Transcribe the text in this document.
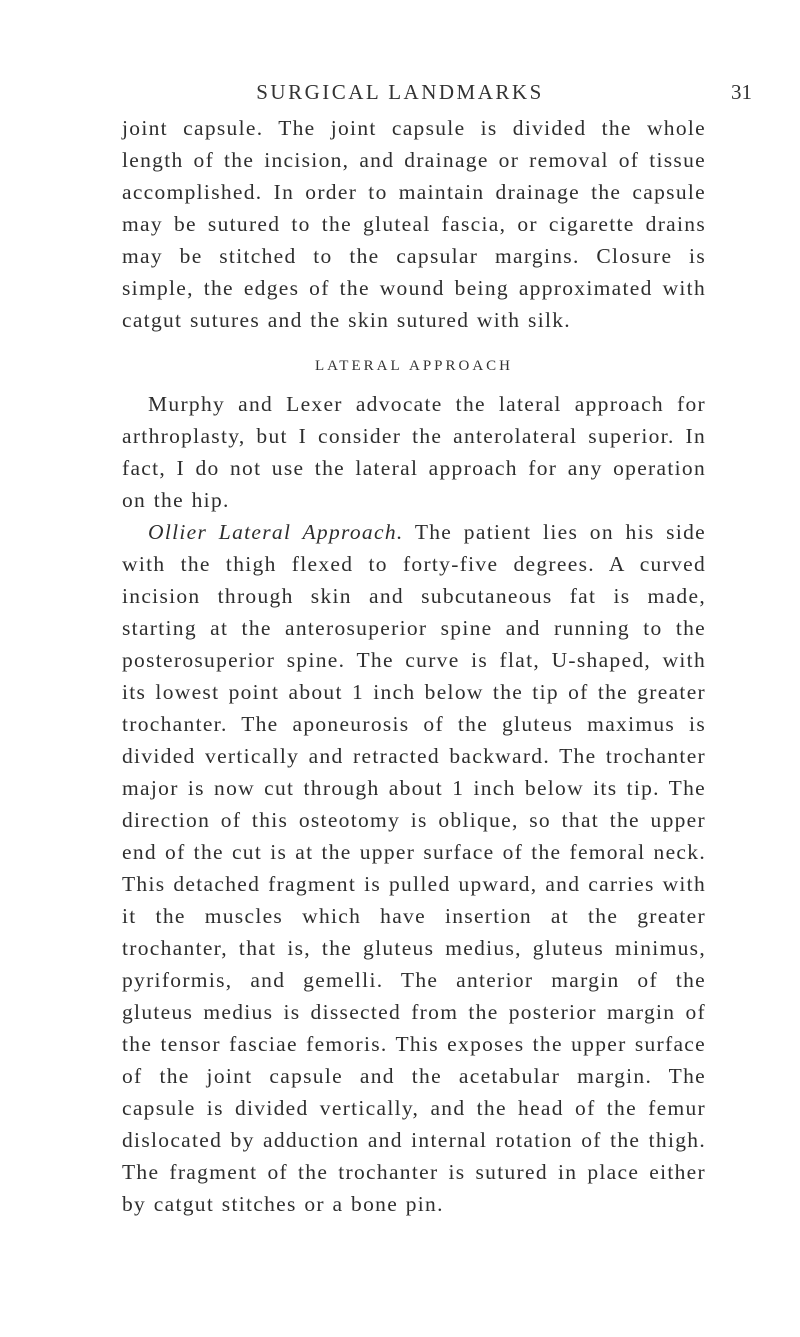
SURGICAL LANDMARKS	31

joint capsule. The joint capsule is divided the whole length of the incision, and drainage or removal of tissue accomplished. In order to maintain drainage the capsule may be sutured to the gluteal fascia, or cigarette drains may be stitched to the capsular margins. Closure is simple, the edges of the wound being approximated with catgut sutures and the skin sutured with silk.

LATERAL APPROACH

Murphy and Lexer advocate the lateral approach for arthroplasty, but I consider the anterolateral superior. In fact, I do not use the lateral approach for any operation on the hip.

Ollier Lateral Approach. The patient lies on his side with the thigh flexed to forty-five degrees. A curved incision through skin and subcutaneous fat is made, starting at the anterosuperior spine and running to the posterosuperior spine. The curve is flat, U-shaped, with its lowest point about 1 inch below the tip of the greater trochanter. The aponeurosis of the gluteus maximus is divided vertically and retracted backward. The trochanter major is now cut through about 1 inch below its tip. The direction of this osteotomy is oblique, so that the upper end of the cut is at the upper surface of the femoral neck. This detached fragment is pulled upward, and carries with it the muscles which have insertion at the greater trochanter, that is, the gluteus medius, gluteus minimus, pyriformis, and gemelli. The anterior margin of the gluteus medius is dissected from the posterior margin of the tensor fasciae femoris. This exposes the upper surface of the joint capsule and the acetabular margin. The capsule is divided vertically, and the head of the femur dislocated by adduction and internal rotation of the thigh. The fragment of the trochanter is sutured in place either by catgut stitches or a bone pin.
